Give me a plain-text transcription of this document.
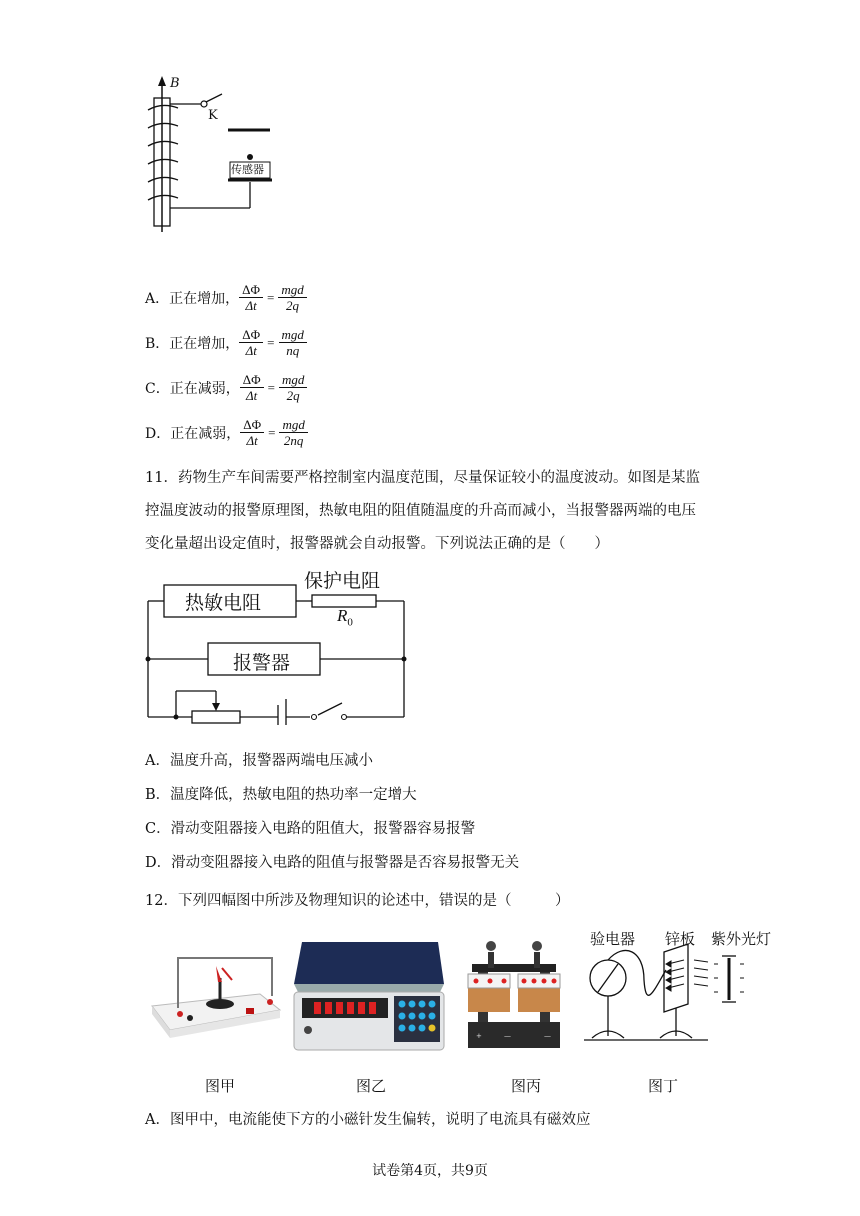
B
K
传感器
A．正在增加， $\frac{\Delta\Phi}{\Delta t} = \frac{\text{mgd}}{2q}$
B．正在增加， $\frac{\Delta\Phi}{\Delta t} = \frac{\text{mgd}}{nq}$
C．正在减弱， $\frac{\Delta\Phi}{\Delta t} = \frac{\text{mgd}}{2q}$
D．正在减弱， $\frac{\Delta\Phi}{\Delta t} = \frac{\text{mgd}}{2nq}$
11．药物生产车间需要严格控制室内温度范围，尽量保证较小的温度波动。如图是某监
控温度波动的报警原理图，热敏电阻的阻值随温度的升高而减小，当报警器两端的电压
变化量超出设定值时，报警器就会自动报警。下列说法正确的是（　　）
热敏电阻
保护电阻
$R_0$
报警器
A．温度升高，报警器两端电压减小
B．温度降低，热敏电阻的热功率一定增大
C．滑动变阻器接入电路的阻值大，报警器容易报警
D．滑动变阻器接入电路的阻值与报警器是否容易报警无关
12．下列四幅图中所涉及物理知识的论述中，错误的是（　　　）
+	—	—
验电器 锌板 紫外光灯
图甲	图乙	图丙	图丁
A．图甲中，电流能使下方的小磁针发生偏转，说明了电流具有磁效应
试卷第4页，共9页
